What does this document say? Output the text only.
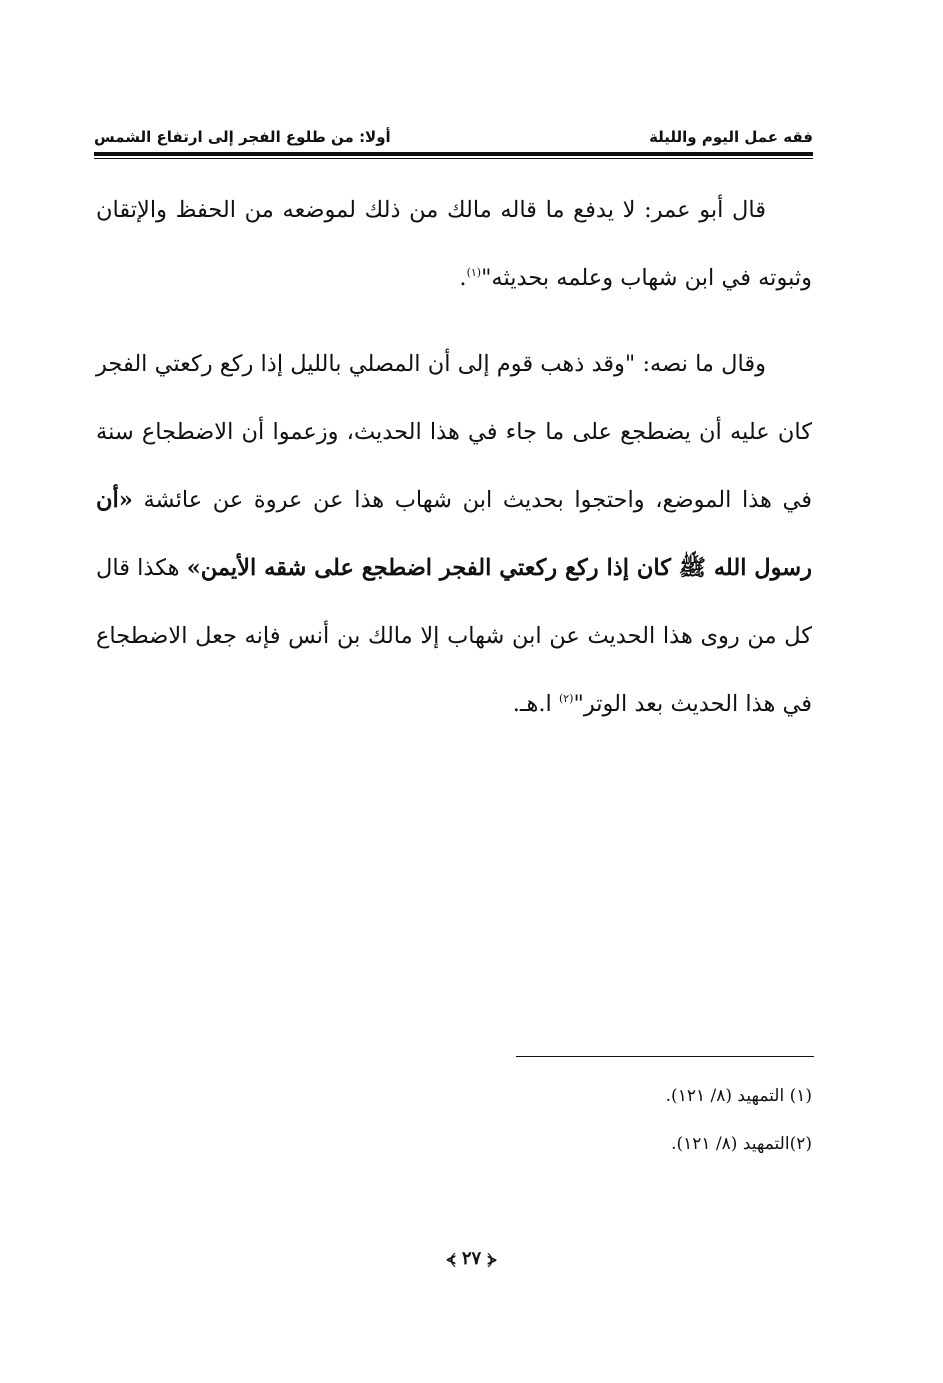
فقه عمل اليوم والليلة
أولا: من طلوع الفجر إلى ارتفاع الشمس

قال أبو عمر: لا يدفع ما قاله مالك من ذلك لموضعه من الحفظ والإتقان وثبوته في ابن شهاب وعلمه بحديثه"$^{(١)}$.

وقال ما نصه: "وقد ذهب قوم إلى أن المصلي بالليل إذا ركع ركعتي الفجر كان عليه أن يضطجع على ما جاء في هذا الحديث، وزعموا أن الاضطجاع سنة في هذا الموضع، واحتجوا بحديث ابن شهاب هذا عن عروة عن عائشة «أن رسول الله ﷺ كان إذا ركع ركعتي الفجر اضطجع على شقه الأيمن» هكذا قال كل من روى هذا الحديث عن ابن شهاب إلا مالك بن أنس فإنه جعل الاضطجاع في هذا الحديث بعد الوتر"$^{(٢)}$ ا.هـ.

(١) التمهيد (٨/ ١٢١).

(٢)التمهيد (٨/ ١٢١).

⦓ ٢٧ ⦔
